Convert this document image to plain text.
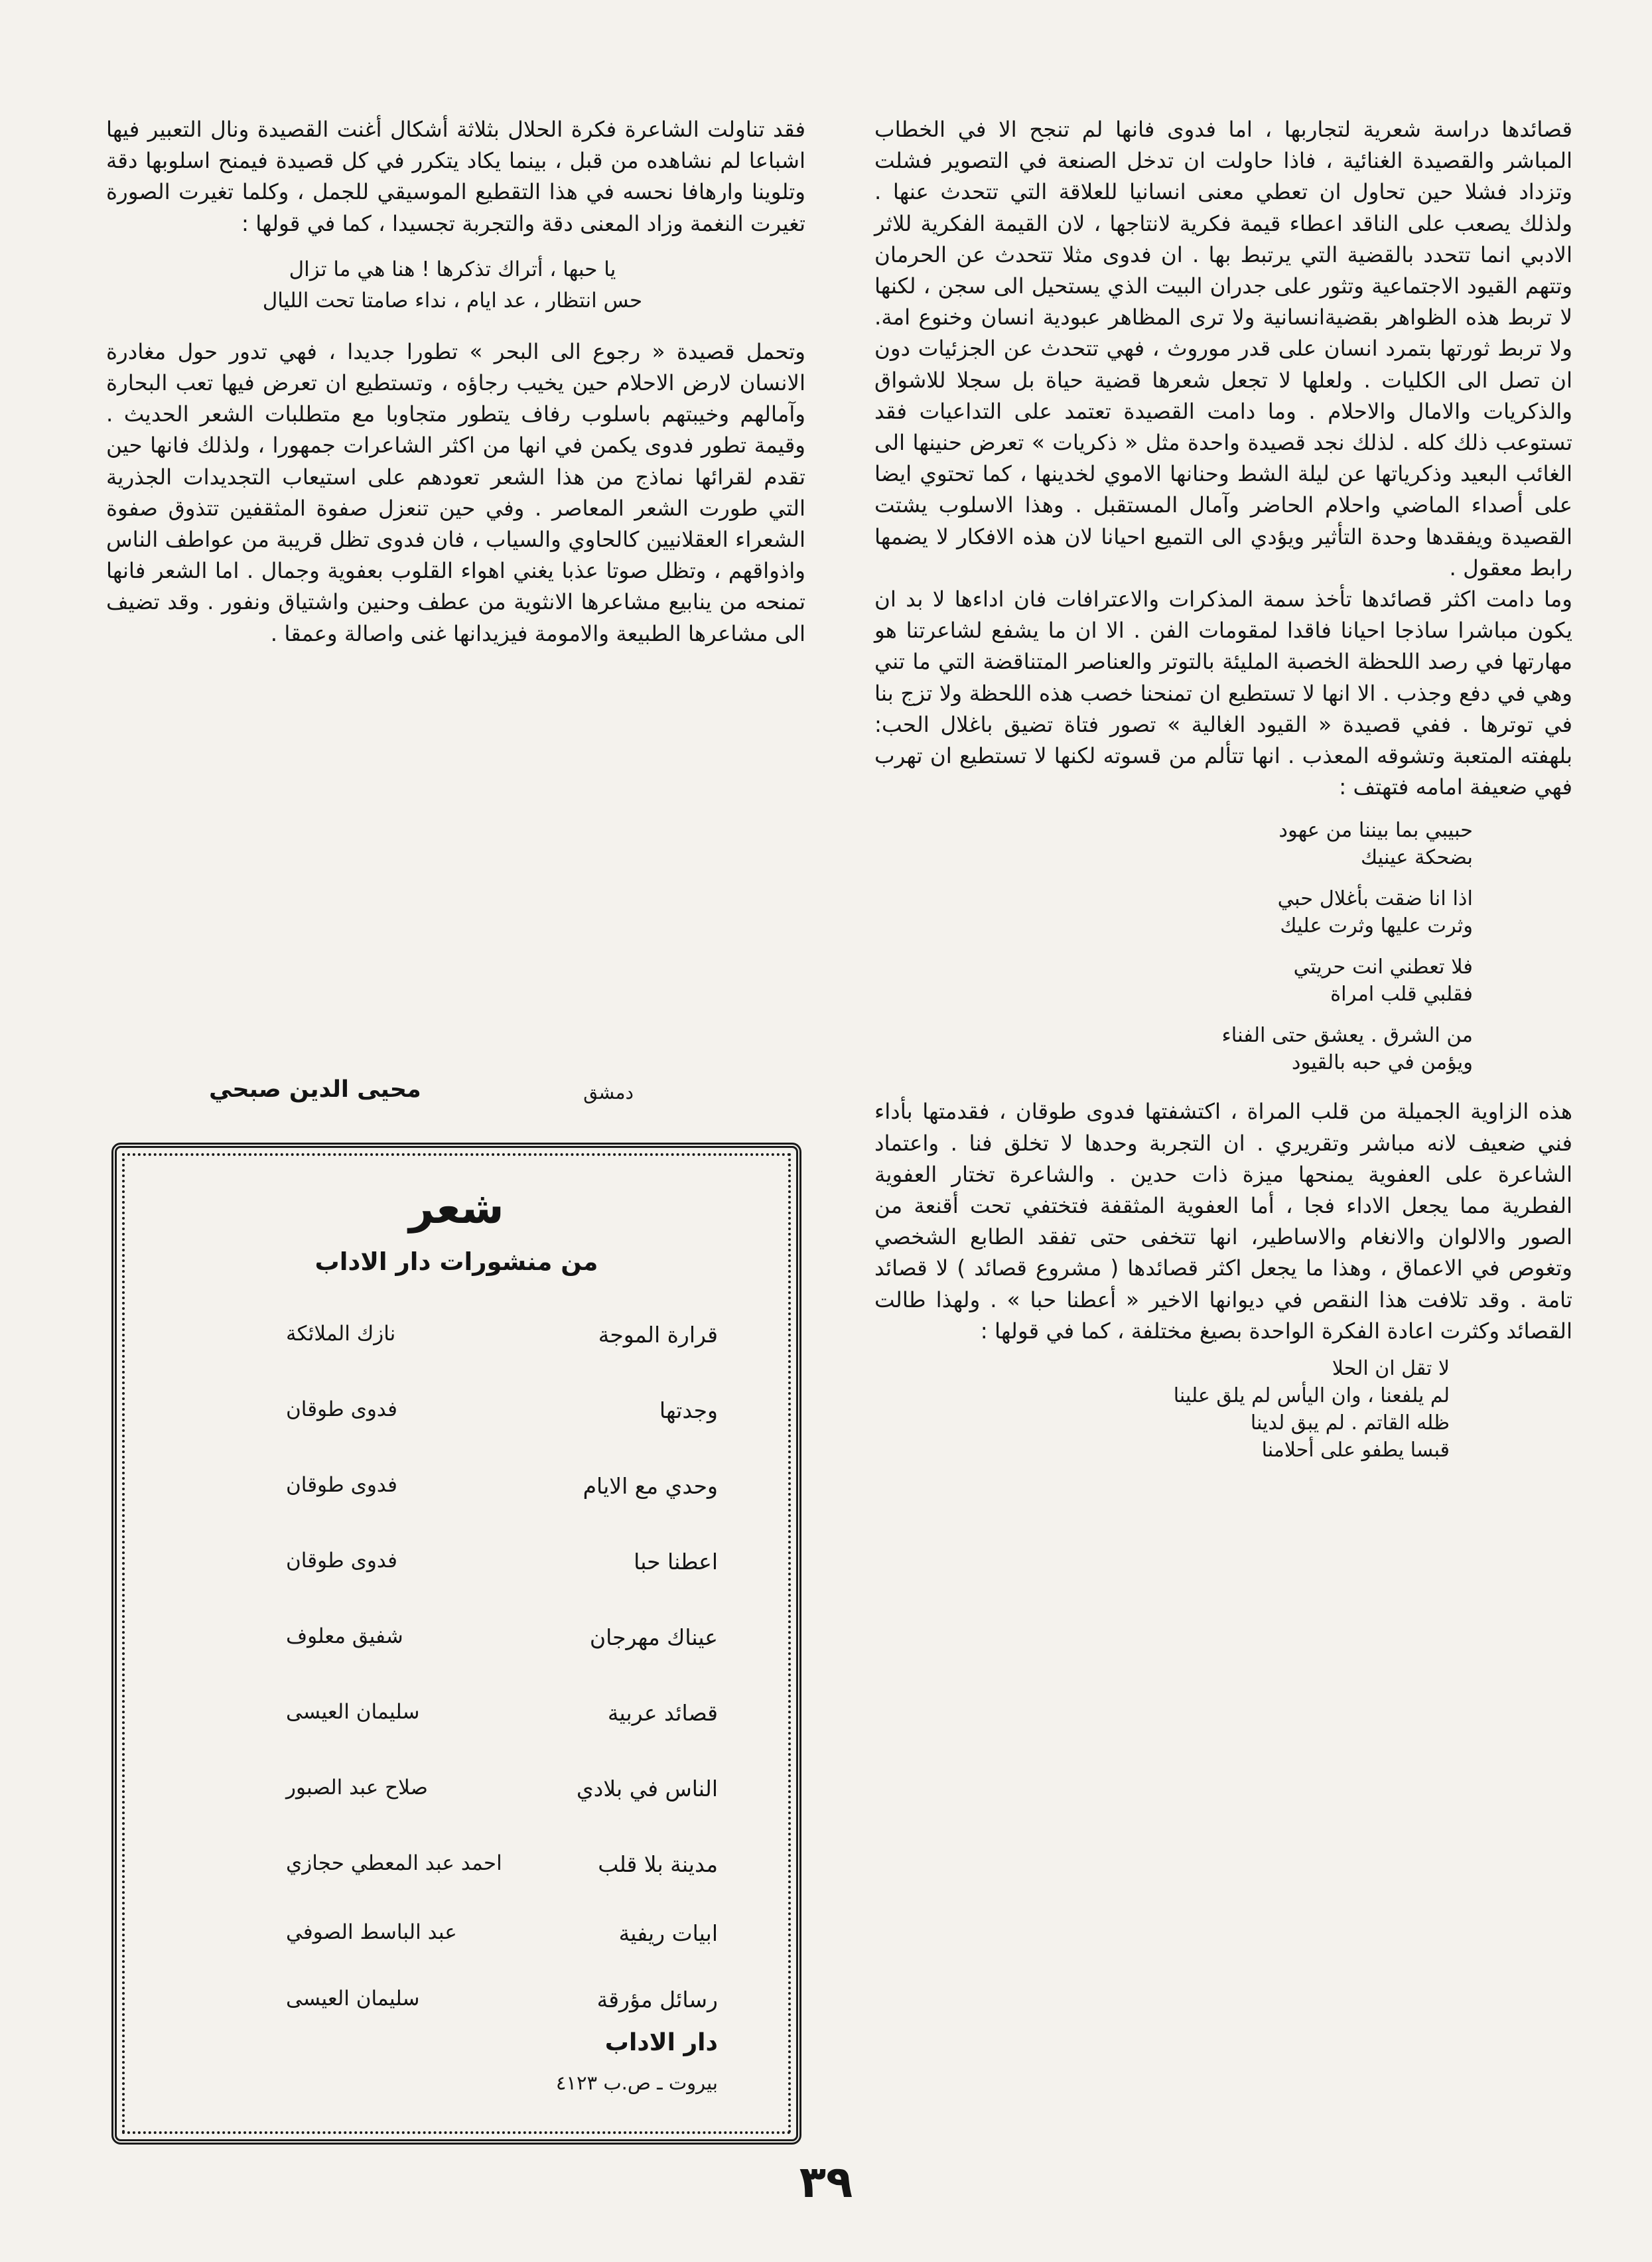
قصائدها دراسة شعرية لتجاربها ، اما فدوى فانها لم تنجح الا في الخطاب المباشر والقصيدة الغنائية ، فاذا حاولت ان تدخل الصنعة في التصوير فشلت وتزداد فشلا حين تحاول ان تعطي معنى انسانيا للعلاقة التي تتحدث عنها . ولذلك يصعب على الناقد اعطاء قيمة فكرية لانتاجها ، لان القيمة الفكرية للاثر الادبي انما تتحدد بالقضية التي يرتبط بها . ان فدوى مثلا تتحدث عن الحرمان وتتهم القيود الاجتماعية وتثور على جدران البيت الذي يستحيل الى سجن ، لكنها لا تربط هذه الظواهر بقضيةانسانية ولا ترى المظاهر عبودية انسان وخنوع امة. ولا تربط ثورتها بتمرد انسان على قدر موروث ، فهي تتحدث عن الجزئيات دون ان تصل الى الكليات . ولعلها لا تجعل شعرها قضية حياة بل سجلا للاشواق والذكريات والامال والاحلام . وما دامت القصيدة تعتمد على التداعيات فقد تستوعب ذلك كله . لذلك نجد قصيدة واحدة مثل « ذكريات » تعرض حنينها الى الغائب البعيد وذكرياتها عن ليلة الشط وحنانها الاموي لخدينها ، كما تحتوي ايضا على أصداء الماضي واحلام الحاضر وآمال المستقبل . وهذا الاسلوب يشتت القصيدة ويفقدها وحدة التأثير ويؤدي الى التميع احيانا لان هذه الافكار لا يضمها رابط معقول .

وما دامت اكثر قصائدها تأخذ سمة المذكرات والاعترافات فان اداءها لا بد ان يكون مباشرا ساذجا احيانا فاقدا لمقومات الفن . الا ان ما يشفع لشاعرتنا هو مهارتها في رصد اللحظة الخصبة المليئة بالتوتر والعناصر المتناقضة التي ما تني وهي في دفع وجذب . الا انها لا تستطيع ان تمنحنا خصب هذه اللحظة ولا تزج بنا في توترها . ففي قصيدة « القيود الغالية » تصور فتاة تضيق باغلال الحب: بلهفته المتعبة وتشوقه المعذب . انها تتألم من قسوته لكنها لا تستطيع ان تهرب فهي ضعيفة امامه فتهتف :

حبيبي بما بيننا من عهود
بضحكة عينيك
اذا انا ضقت بأغلال حبي
وثرت عليها وثرت عليك
فلا تعطني انت حريتي
فقلبي قلب امراة
من الشرق . يعشق حتى الفناء
ويؤمن في حبه بالقيود

هذه الزاوية الجميلة من قلب المراة ، اكتشفتها فدوى طوقان ، فقدمتها بأداء فني ضعيف لانه مباشر وتقريري . ان التجربة وحدها لا تخلق فنا . واعتماد الشاعرة على العفوية يمنحها ميزة ذات حدين . والشاعرة تختار العفوية الفطرية مما يجعل الاداء فجا ، أما العفوية المثقفة فتختفي تحت أقنعة من الصور والالوان والانغام والاساطير، انها تتخفى حتى تفقد الطابع الشخصي وتغوص في الاعماق ، وهذا ما يجعل اكثر قصائدها ( مشروع قصائد ) لا قصائد تامة . وقد تلافت هذا النقص في ديوانها الاخير « أعطنا حبا » . ولهذا طالت القصائد وكثرت اعادة الفكرة الواحدة بصيغ مختلفة ، كما في قولها :

لا تقل ان الحلا
لم يلفعنا ، وان اليأس لم يلق علينا
ظله القاتم . لم يبق لدينا
قبسا يطفو على أحلامنا

فقد تناولت الشاعرة فكرة الحلال بثلاثة أشكال أغنت القصيدة ونال التعبير فيها اشباعا لم نشاهده من قبل ، بينما يكاد يتكرر في كل قصيدة فيمنح اسلوبها دقة وتلوينا وارهافا نحسه في هذا التقطيع الموسيقي للجمل ، وكلما تغيرت الصورة تغيرت النغمة وزاد المعنى دقة والتجربة تجسيدا ، كما في قولها :

يا حبها ، أتراك تذكرها ! هنا هي ما تزال
حس انتظار ، عد ايام ، نداء صامتا تحت الليال

وتحمل قصيدة « رجوع الى البحر » تطورا جديدا ، فهي تدور حول مغادرة الانسان لارض الاحلام حين يخيب رجاؤه ، وتستطيع ان تعرض فيها تعب البحارة وآمالهم وخيبتهم باسلوب رفاف يتطور متجاوبا مع متطلبات الشعر الحديث . وقيمة تطور فدوى يكمن في انها من اكثر الشاعرات جمهورا ، ولذلك فانها حين تقدم لقرائها نماذج من هذا الشعر تعودهم على استيعاب التجديدات الجذرية التي طورت الشعر المعاصر . وفي حين تنعزل صفوة المثقفين تتذوق صفوة الشعراء العقلانيين كالحاوي والسياب ، فان فدوى تظل قريبة من عواطف الناس واذواقهم ، وتظل صوتا عذبا يغني اهواء القلوب بعفوية وجمال . اما الشعر فانها تمنحه من ينابيع مشاعرها الانثوية من عطف وحنين واشتياق ونفور . وقد تضيف الى مشاعرها الطبيعة والامومة فيزيدانها غنى واصالة وعمقا .

دمشق
محيى الدين صبحي
شعر
من منشورات دار الاداب
قرارة الموجة
نازك الملائكة
وجدتها
فدوى طوقان
وحدي مع الايام
فدوى طوقان
اعطنا حبا
فدوى طوقان
عيناك مهرجان
شفيق معلوف
قصائد عربية
سليمان العيسى
الناس في بلادي
صلاح عبد الصبور
مدينة بلا قلب
احمد عبد المعطي حجازي
ابيات ريفية
عبد الباسط الصوفي
رسائل مؤرقة
سليمان العيسى
دار الاداب
بيروت ـ ص.ب ٤١٢٣
٣٩
